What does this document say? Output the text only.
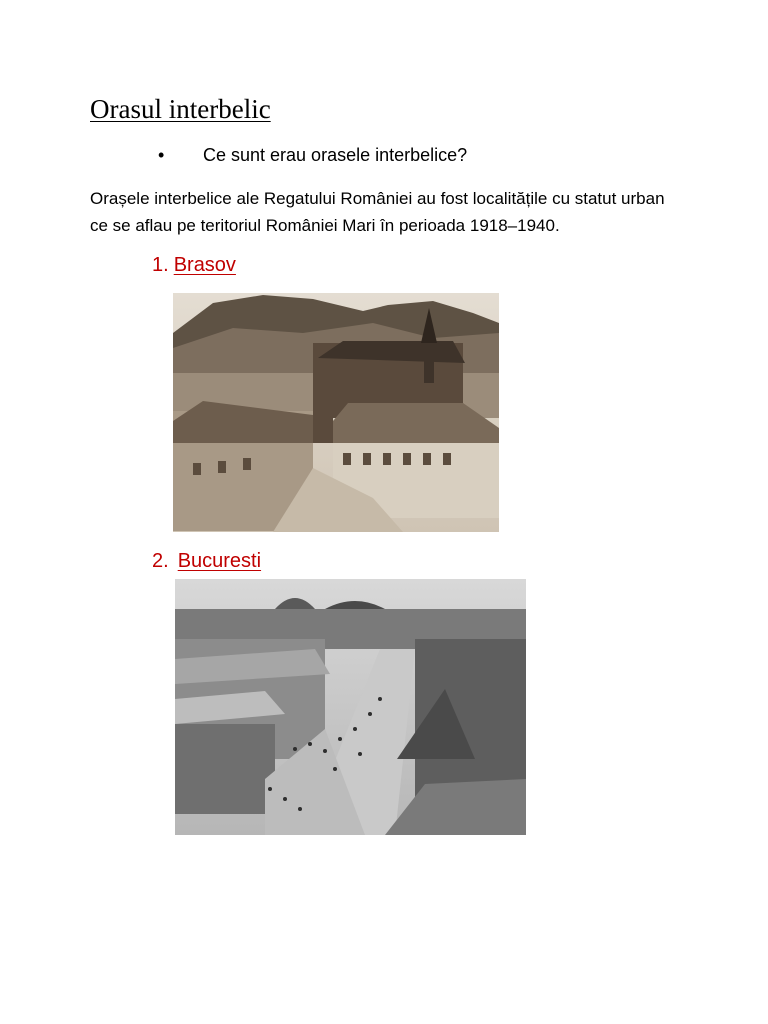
Orasul interbelic
• Ce sunt erau orasele interbelice?
Orașele interbelice ale Regatului României au fost localitățile cu statut urban ce se aflau pe teritoriul României Mari în perioada 1918–1940.
1. Brasov
2. Bucuresti
